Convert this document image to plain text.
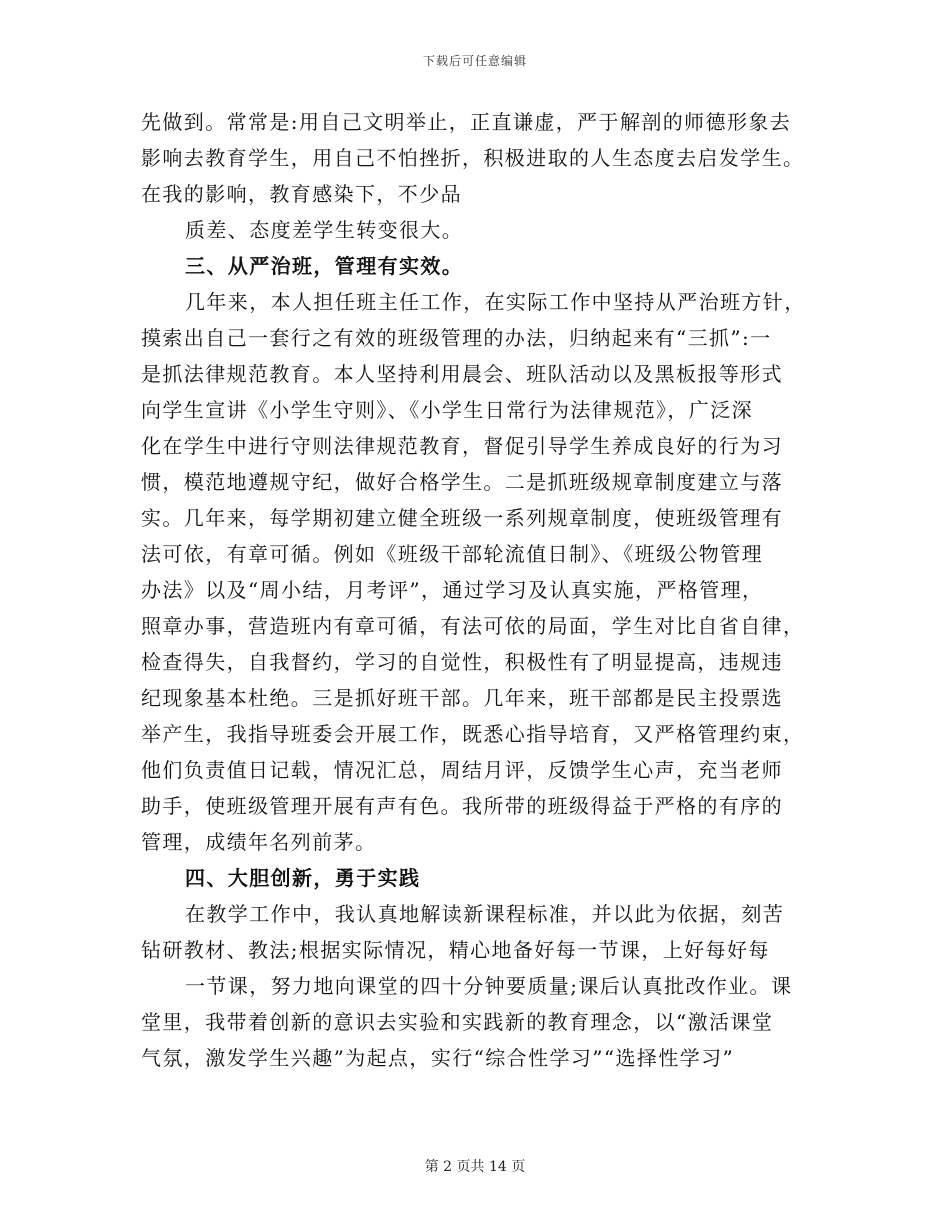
下载后可任意编辑
先做到。常常是:用自己文明举止，正直谦虚，严于解剖的师德形象去
影响去教育学生，用自己不怕挫折，积极进取的人生态度去启发学生。
在我的影响，教育感染下，不少品
质差、态度差学生转变很大。
三、从严治班，管理有实效。
几年来，本人担任班主任工作，在实际工作中坚持从严治班方针，
摸索出自己一套行之有效的班级管理的办法，归纳起来有“三抓”:一
是抓法律规范教育。本人坚持利用晨会、班队活动以及黑板报等形式
向学生宣讲《小学生守则》、《小学生日常行为法律规范》，广泛深
化在学生中进行守则法律规范教育，督促引导学生养成良好的行为习
惯，模范地遵规守纪，做好合格学生。二是抓班级规章制度建立与落
实。几年来，每学期初建立健全班级一系列规章制度，使班级管理有
法可依，有章可循。例如《班级干部轮流值日制》、《班级公物管理
办法》以及“周小结，月考评”，通过学习及认真实施，严格管理，
照章办事，营造班内有章可循，有法可依的局面，学生对比自省自律，
检查得失，自我督约，学习的自觉性，积极性有了明显提高，违规违
纪现象基本杜绝。三是抓好班干部。几年来，班干部都是民主投票选
举产生，我指导班委会开展工作，既悉心指导培育，又严格管理约束，
他们负责值日记载，情况汇总，周结月评，反馈学生心声，充当老师
助手，使班级管理开展有声有色。我所带的班级得益于严格的有序的
管理，成绩年名列前茅。
四、大胆创新，勇于实践
在教学工作中，我认真地解读新课程标准，并以此为依据，刻苦
钻研教材、教法;根据实际情况，精心地备好每一节课，上好每好每
一节课，努力地向课堂的四十分钟要质量;课后认真批改作业。课
堂里，我带着创新的意识去实验和实践新的教育理念，以“激活课堂
气氛，激发学生兴趣”为起点，实行“综合性学习”“选择性学习”
第 2 页共 14 页
